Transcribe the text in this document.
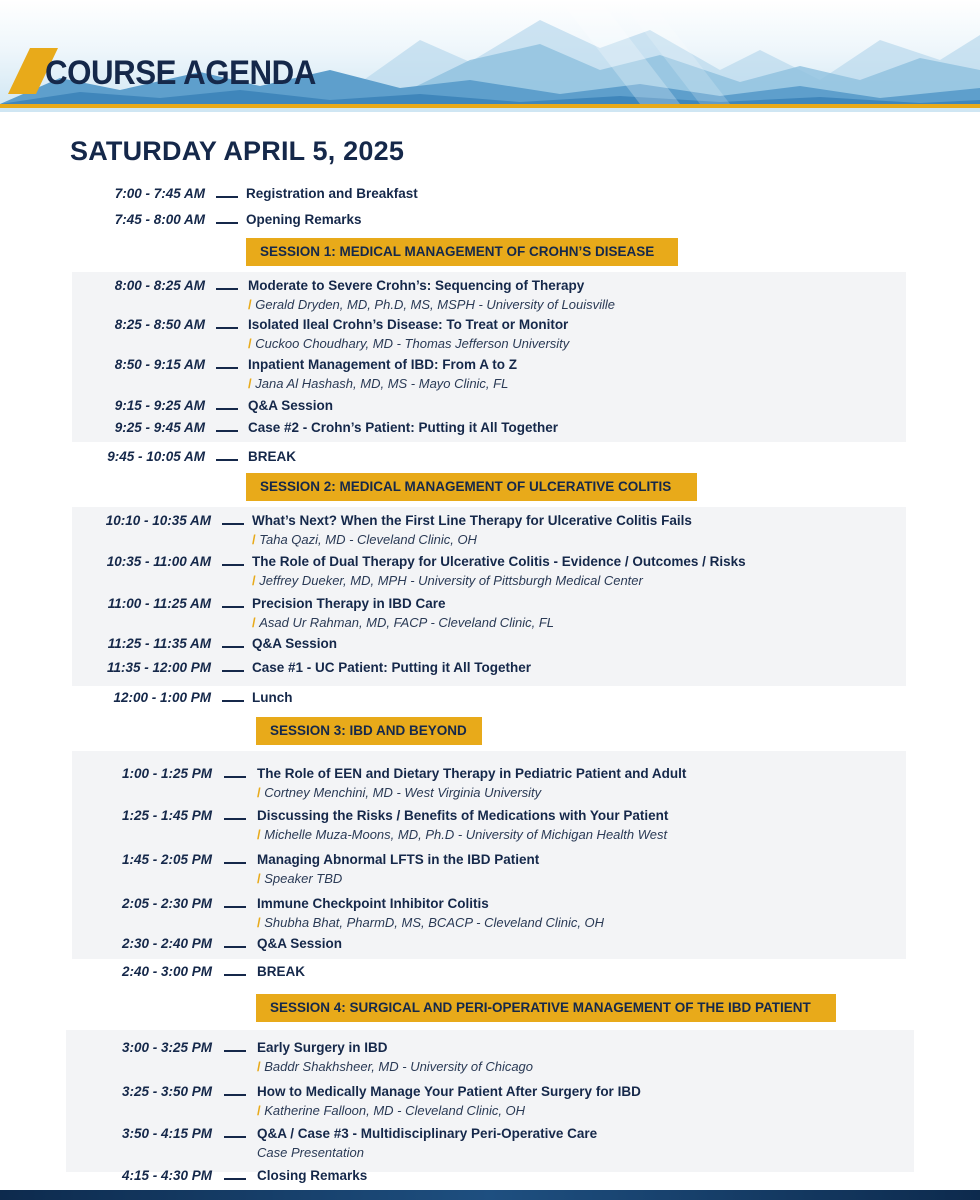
COURSE AGENDA
SATURDAY APRIL 5, 2025
7:00 - 7:45 AM	Registration and Breakfast
7:45 - 8:00 AM	Opening Remarks
SESSION 1: MEDICAL MANAGEMENT OF CROHN’S DISEASE
8:00 - 8:25 AM	Moderate to Severe Crohn’s: Sequencing of Therapy
/ Gerald Dryden, MD, Ph.D, MS, MSPH - University of Louisville
8:25 - 8:50 AM	Isolated Ileal Crohn’s Disease: To Treat or Monitor
/ Cuckoo Choudhary, MD - Thomas Jefferson University
8:50 - 9:15 AM	Inpatient Management of IBD: From A to Z
/ Jana Al Hashash, MD, MS - Mayo Clinic, FL
9:15 - 9:25 AM	Q&A Session
9:25 - 9:45 AM	Case #2 - Crohn’s Patient: Putting it All Together
9:45 - 10:05 AM	BREAK
SESSION 2: MEDICAL MANAGEMENT OF ULCERATIVE COLITIS
10:10 - 10:35 AM	What’s Next? When the First Line Therapy for Ulcerative Colitis Fails
/ Taha Qazi, MD - Cleveland Clinic, OH
10:35 - 11:00 AM	The Role of Dual Therapy for Ulcerative Colitis - Evidence / Outcomes / Risks
/ Jeffrey Dueker, MD, MPH - University of Pittsburgh Medical Center
11:00 - 11:25 AM	Precision Therapy in IBD Care
/ Asad Ur Rahman, MD, FACP - Cleveland Clinic, FL
11:25 - 11:35 AM	Q&A Session
11:35 - 12:00 PM	Case #1 - UC Patient: Putting it All Together
12:00 - 1:00 PM	Lunch
SESSION 3: IBD AND BEYOND
1:00 - 1:25 PM	The Role of EEN and Dietary Therapy in Pediatric Patient and Adult
/ Cortney Menchini, MD - West Virginia University
1:25 - 1:45 PM	Discussing the Risks / Benefits of Medications with Your Patient
/ Michelle Muza-Moons, MD, Ph.D - University of Michigan Health West
1:45 - 2:05 PM	Managing Abnormal LFTS in the IBD Patient
/ Speaker TBD
2:05 - 2:30 PM	Immune Checkpoint Inhibitor Colitis
/ Shubha Bhat, PharmD, MS, BCACP - Cleveland Clinic, OH
2:30 - 2:40 PM	Q&A Session
2:40 - 3:00 PM	BREAK
SESSION 4: SURGICAL AND PERI-OPERATIVE MANAGEMENT OF THE IBD PATIENT
3:00 - 3:25 PM	Early Surgery in IBD
/ Baddr Shakhsheer, MD - University of Chicago
3:25 - 3:50 PM	How to Medically Manage Your Patient After Surgery for IBD
/ Katherine Falloon, MD - Cleveland Clinic, OH
3:50 - 4:15 PM	Q&A / Case #3 - Multidisciplinary Peri-Operative Care
Case Presentation
4:15 - 4:30 PM	Closing Remarks
